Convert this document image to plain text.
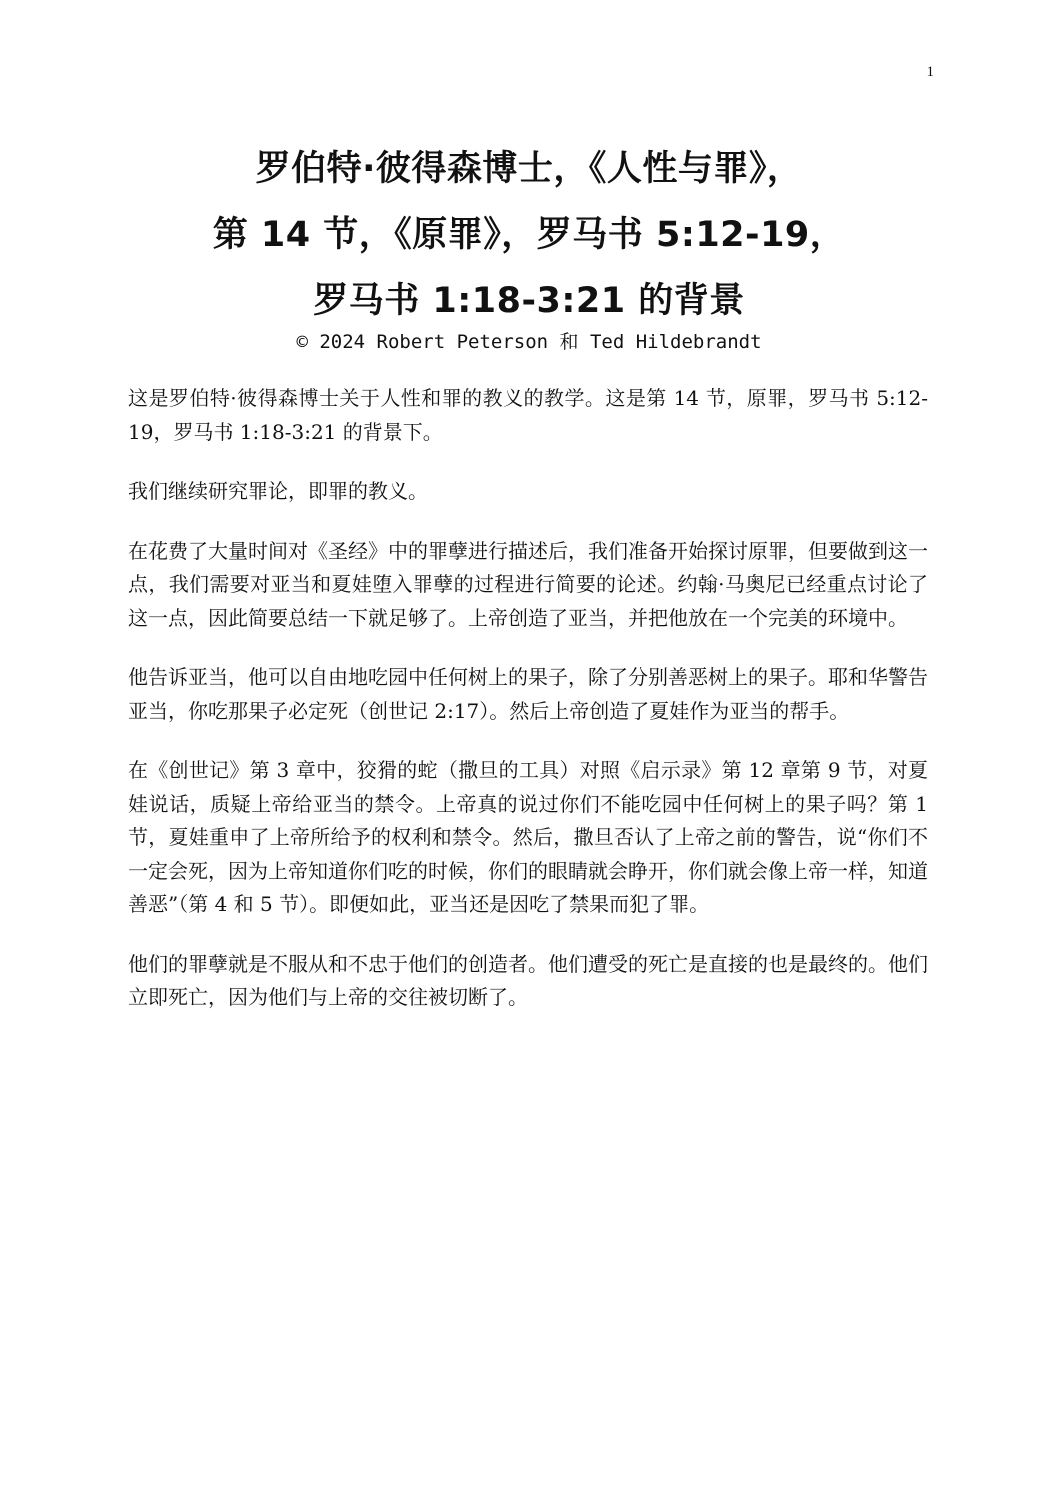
1
罗伯特·彼得森博士，《人性与罪》，
第 14 节，《原罪》，罗马书 5:12-19，
罗马书 1:18-3:21 的背景
© 2024 Robert Peterson 和 Ted Hildebrandt

这是罗伯特·彼得森博士关于人性和罪的教义的教学。这是第 14 节，原罪，罗马书 5:12-19，罗马书 1:18-3:21 的背景下。

我们继续研究罪论，即罪的教义。

在花费了大量时间对《圣经》中的罪孽进行描述后，我们准备开始探讨原罪，但要做到这一点，我们需要对亚当和夏娃堕入罪孽的过程进行简要的论述。约翰·马奥尼已经重点讨论了这一点，因此简要总结一下就足够了。上帝创造了亚当，并把他放在一个完美的环境中。

他告诉亚当，他可以自由地吃园中任何树上的果子，除了分别善恶树上的果子。耶和华警告亚当，你吃那果子必定死（创世记 2:17）。然后上帝创造了夏娃作为亚当的帮手。

在《创世记》第 3 章中，狡猾的蛇（撒旦的工具）对照《启示录》第 12 章第 9 节，对夏娃说话，质疑上帝给亚当的禁令。上帝真的说过你们不能吃园中任何树上的果子吗？第 1 节，夏娃重申了上帝所给予的权利和禁令。然后，撒旦否认了上帝之前的警告，说“你们不一定会死，因为上帝知道你们吃的时候，你们的眼睛就会睁开，你们就会像上帝一样，知道善恶”（第 4 和 5 节）。即便如此，亚当还是因吃了禁果而犯了罪。

他们的罪孽就是不服从和不忠于他们的创造者。他们遭受的死亡是直接的也是最终的。他们立即死亡，因为他们与上帝的交往被切断了。
